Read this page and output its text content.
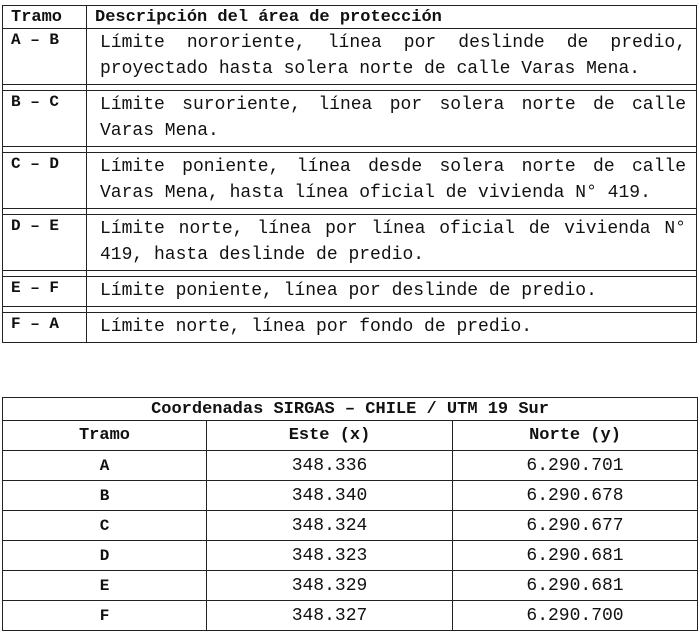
Tramo	Descripción del área de protección
A – B	Límite nororiente, línea por deslinde de predio, proyectado hasta solera norte de calle Varas Mena.

B – C	Límite suroriente, línea por solera norte de calle Varas Mena.

C – D	Límite poniente, línea desde solera norte de calle Varas Mena, hasta línea oficial de vivienda N° 419.

D – E	Límite norte, línea por línea oficial de vivienda N° 419, hasta deslinde de predio.

E – F	Límite poniente, línea por deslinde de predio.

F – A	Límite norte, línea por fondo de predio.
Coordenadas SIRGAS – CHILE / UTM 19 Sur		
Tramo	Este (x)	Norte (y)
A	348.336	6.290.701
B	348.340	6.290.678
C	348.324	6.290.677
D	348.323	6.290.681
E	348.329	6.290.681
F	348.327	6.290.700
